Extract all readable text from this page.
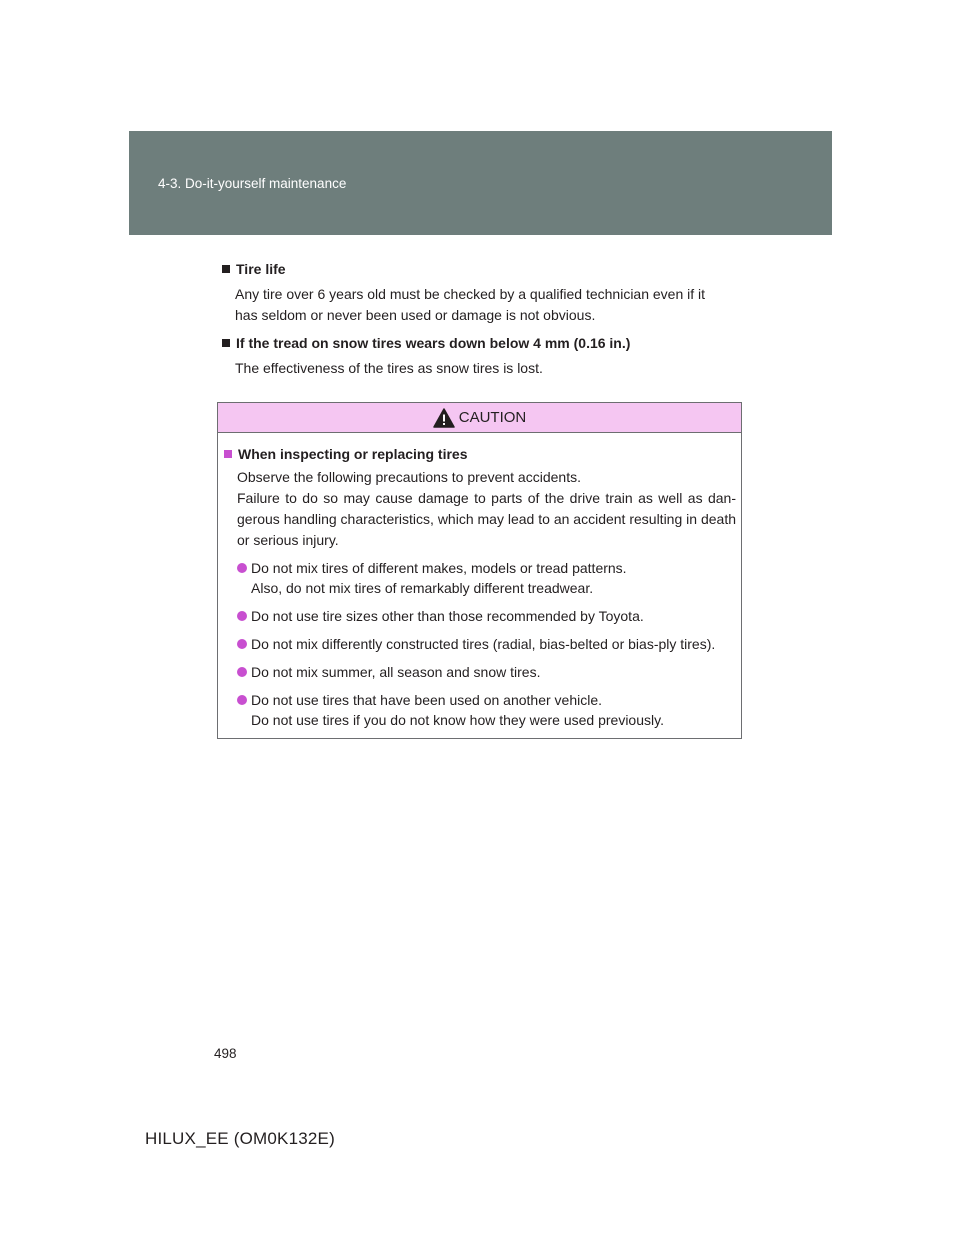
4-3. Do-it-yourself maintenance
Tire life
Any tire over 6 years old must be checked by a qualified technician even if it
has seldom or never been used or damage is not obvious.
If the tread on snow tires wears down below 4 mm (0.16 in.)
The effectiveness of the tires as snow tires is lost.
CAUTION
When inspecting or replacing tires
Observe the following precautions to prevent accidents.
Failure to do so may cause damage to parts of the drive train as well as dan-gerous handling characteristics, which may lead to an accident resulting in death or serious injury.
Do not mix tires of different makes, models or tread patterns.
Also, do not mix tires of remarkably different treadwear.
Do not use tire sizes other than those recommended by Toyota.
Do not mix differently constructed tires (radial, bias-belted or bias-ply tires).
Do not mix summer, all season and snow tires.
Do not use tires that have been used on another vehicle.
Do not use tires if you do not know how they were used previously.
498
HILUX_EE (OM0K132E)
